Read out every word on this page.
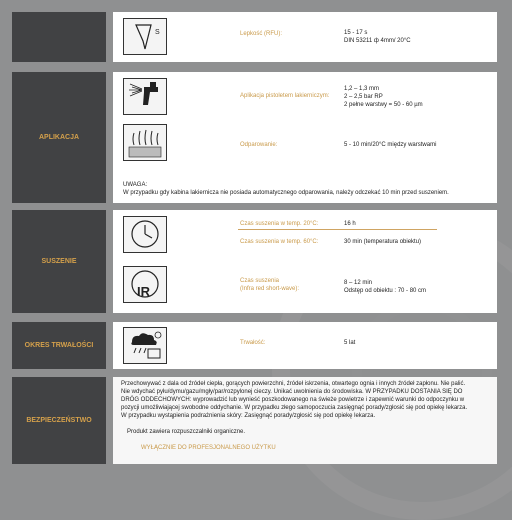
S	Lepkość (RFU):	15 - 17 s
DIN 53211 ф 4mm/ 20°C
APLIKACJA
Aplikacja pistoletem lakierniczym:
1,2 – 1,3 mm
2 – 2,5 bar RP
2 pełne warstwy = 50 - 60 µm
Odparowanie:	5 - 10 min/20°C między warstwami
UWAGA:
W przypadku gdy kabina lakiernicza nie posiada automatycznego odparowania, należy odczekać 10 min przed suszeniem.
SUSZENIE
Czas suszenia w temp. 20°C:	16 h
Czas suszenia w temp. 60°C:	30 min (temperatura obiektu)
IR
Czas suszenia
(Infra red short-wave):
8 – 12 min
Odstęp od obiektu : 70 - 80 cm
OKRES TRWAŁOŚCI	Trwałość:	5 lat
BEZPIECZEŃSTWO
Przechowywać z dala od źródeł ciepła, gorących powierzchni, źródeł iskrzenia, otwartego ognia i innych źródeł zapłonu. Nie palić.
Nie wdychać pyłu/dymu/gazu/mgły/par/rozpylonej cieczy. Unikać uwolnienia do środowiska. W PRZYPADKU DOSTANIA SIĘ DO
DRÓG ODDECHOWYCH: wyprowadzić lub wynieść poszkodowanego na świeże powietrze i zapewnić warunki do odpoczynku w
pozycji umożliwiającej swobodne oddychanie. W przypadku złego samopoczucia zasięgnąć porady/zgłosić się pod opiekę lekarza.
W przypadku wystąpienia podrażnienia skóry: Zasięgnąć porady/zgłosić się pod opiekę lekarza.
Produkt zawiera rozpuszczalniki organiczne.
WYŁĄCZNIE DO PROFESJONALNEGO UŻYTKU
